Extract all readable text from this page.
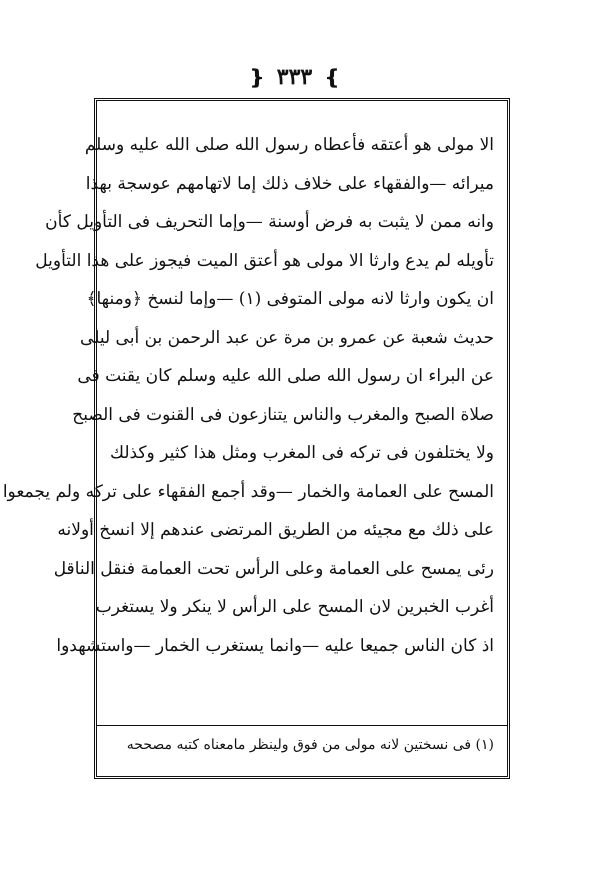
❵ ٣٣٣ ❴
الا مولى هو أعتقه فأعطاه رسول الله صلى الله عليه وسلم
ميرائه —والفقهاء على خلاف ذلك إما لاتهامهم عوسجة بهذا
وانه ممن لا يثبت به فرض أوسنة —وإما التحريف فى التأويل كأن
تأويله لم يدع وارثا الا مولى هو أعتق الميت فيجوز على هذا التأويل
ان يكون وارثا لانه مولى المتوفى (١) —وإما لنسخ ﴿ومنها﴾
حديث شعبة عن عمرو بن مرة عن عبد الرحمن بن أبى ليلى
عن البراء ان رسول الله صلى الله عليه وسلم كان يقنت فى
صلاة الصبح والمغرب والناس يتنازعون فى القنوت فى الصبح
ولا يختلفون فى تركه فى المغرب ومثل هذا كثير وكذلك
المسح على العمامة والخمار —وقد أجمع الفقهاء على تركه ولم يجمعوا
على ذلك مع مجيئه من الطريق المرتضى عندهم إلا انسخ أولانه
رئى يمسح على العمامة وعلى الرأس تحت العمامة فنقل الناقل
أغرب الخبرين لان المسح على الرأس لا ينكر ولا يستغرب
اذ كان الناس جميعا عليه —وانما يستغرب الخمار —واستشهدوا
(١) فى نسختين لانه مولى من فوق ولينظر مامعناه كتبه مصححه
